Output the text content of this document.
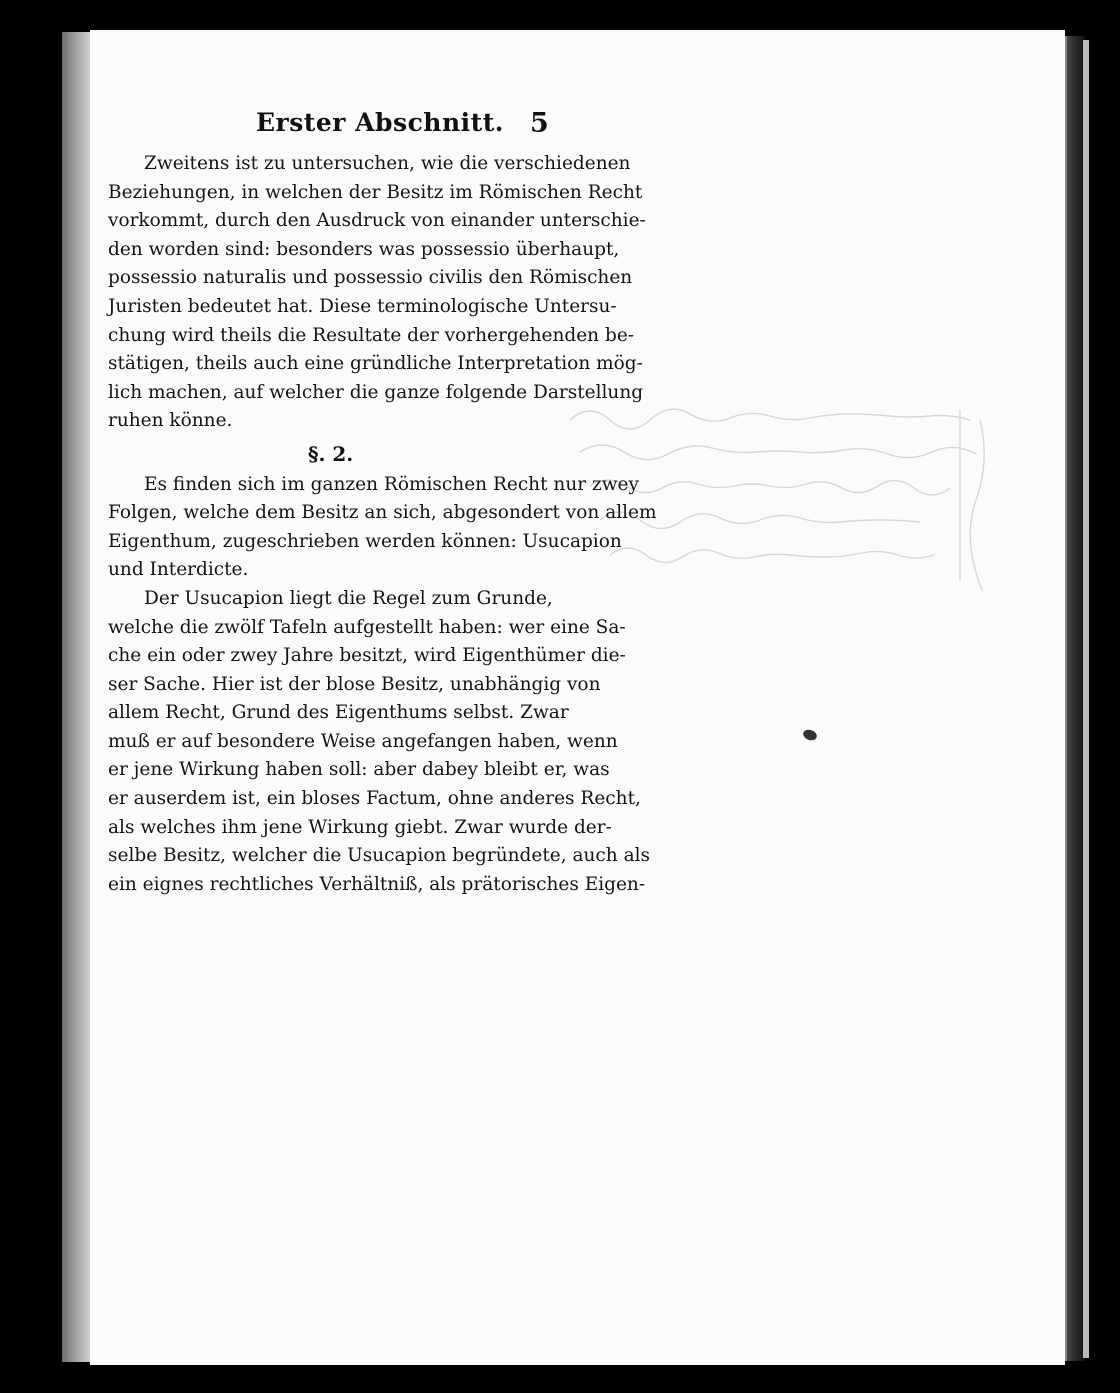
Erster Abschnitt. 5
Zweitens ist zu untersuchen, wie die verschiedenen
Beziehungen, in welchen der Besitz im Römischen Recht
vorkommt, durch den Ausdruck von einander unterschie-
den worden sind: besonders was possessio überhaupt,
possessio naturalis und possessio civilis den Römischen
Juristen bedeutet hat. Diese terminologische Untersu-
chung wird theils die Resultate der vorhergehenden be-
stätigen, theils auch eine gründliche Interpretation mög-
lich machen, auf welcher die ganze folgende Darstellung
ruhen könne.
§. 2.
Es finden sich im ganzen Römischen Recht nur zwey
Folgen, welche dem Besitz an sich, abgesondert von allem
Eigenthum, zugeschrieben werden können: Usucapion
und Interdicte.
Der Usucapion liegt die Regel zum Grunde,
welche die zwölf Tafeln aufgestellt haben: wer eine Sa-
che ein oder zwey Jahre besitzt, wird Eigenthümer die-
ser Sache. Hier ist der blose Besitz, unabhängig von
allem Recht, Grund des Eigenthums selbst. Zwar
muß er auf besondere Weise angefangen haben, wenn
er jene Wirkung haben soll: aber dabey bleibt er, was
er auserdem ist, ein bloses Factum, ohne anderes Recht,
als welches ihm jene Wirkung giebt. Zwar wurde der-
selbe Besitz, welcher die Usucapion begründete, auch als
ein eignes rechtliches Verhältniß, als prätorisches Eigen-
